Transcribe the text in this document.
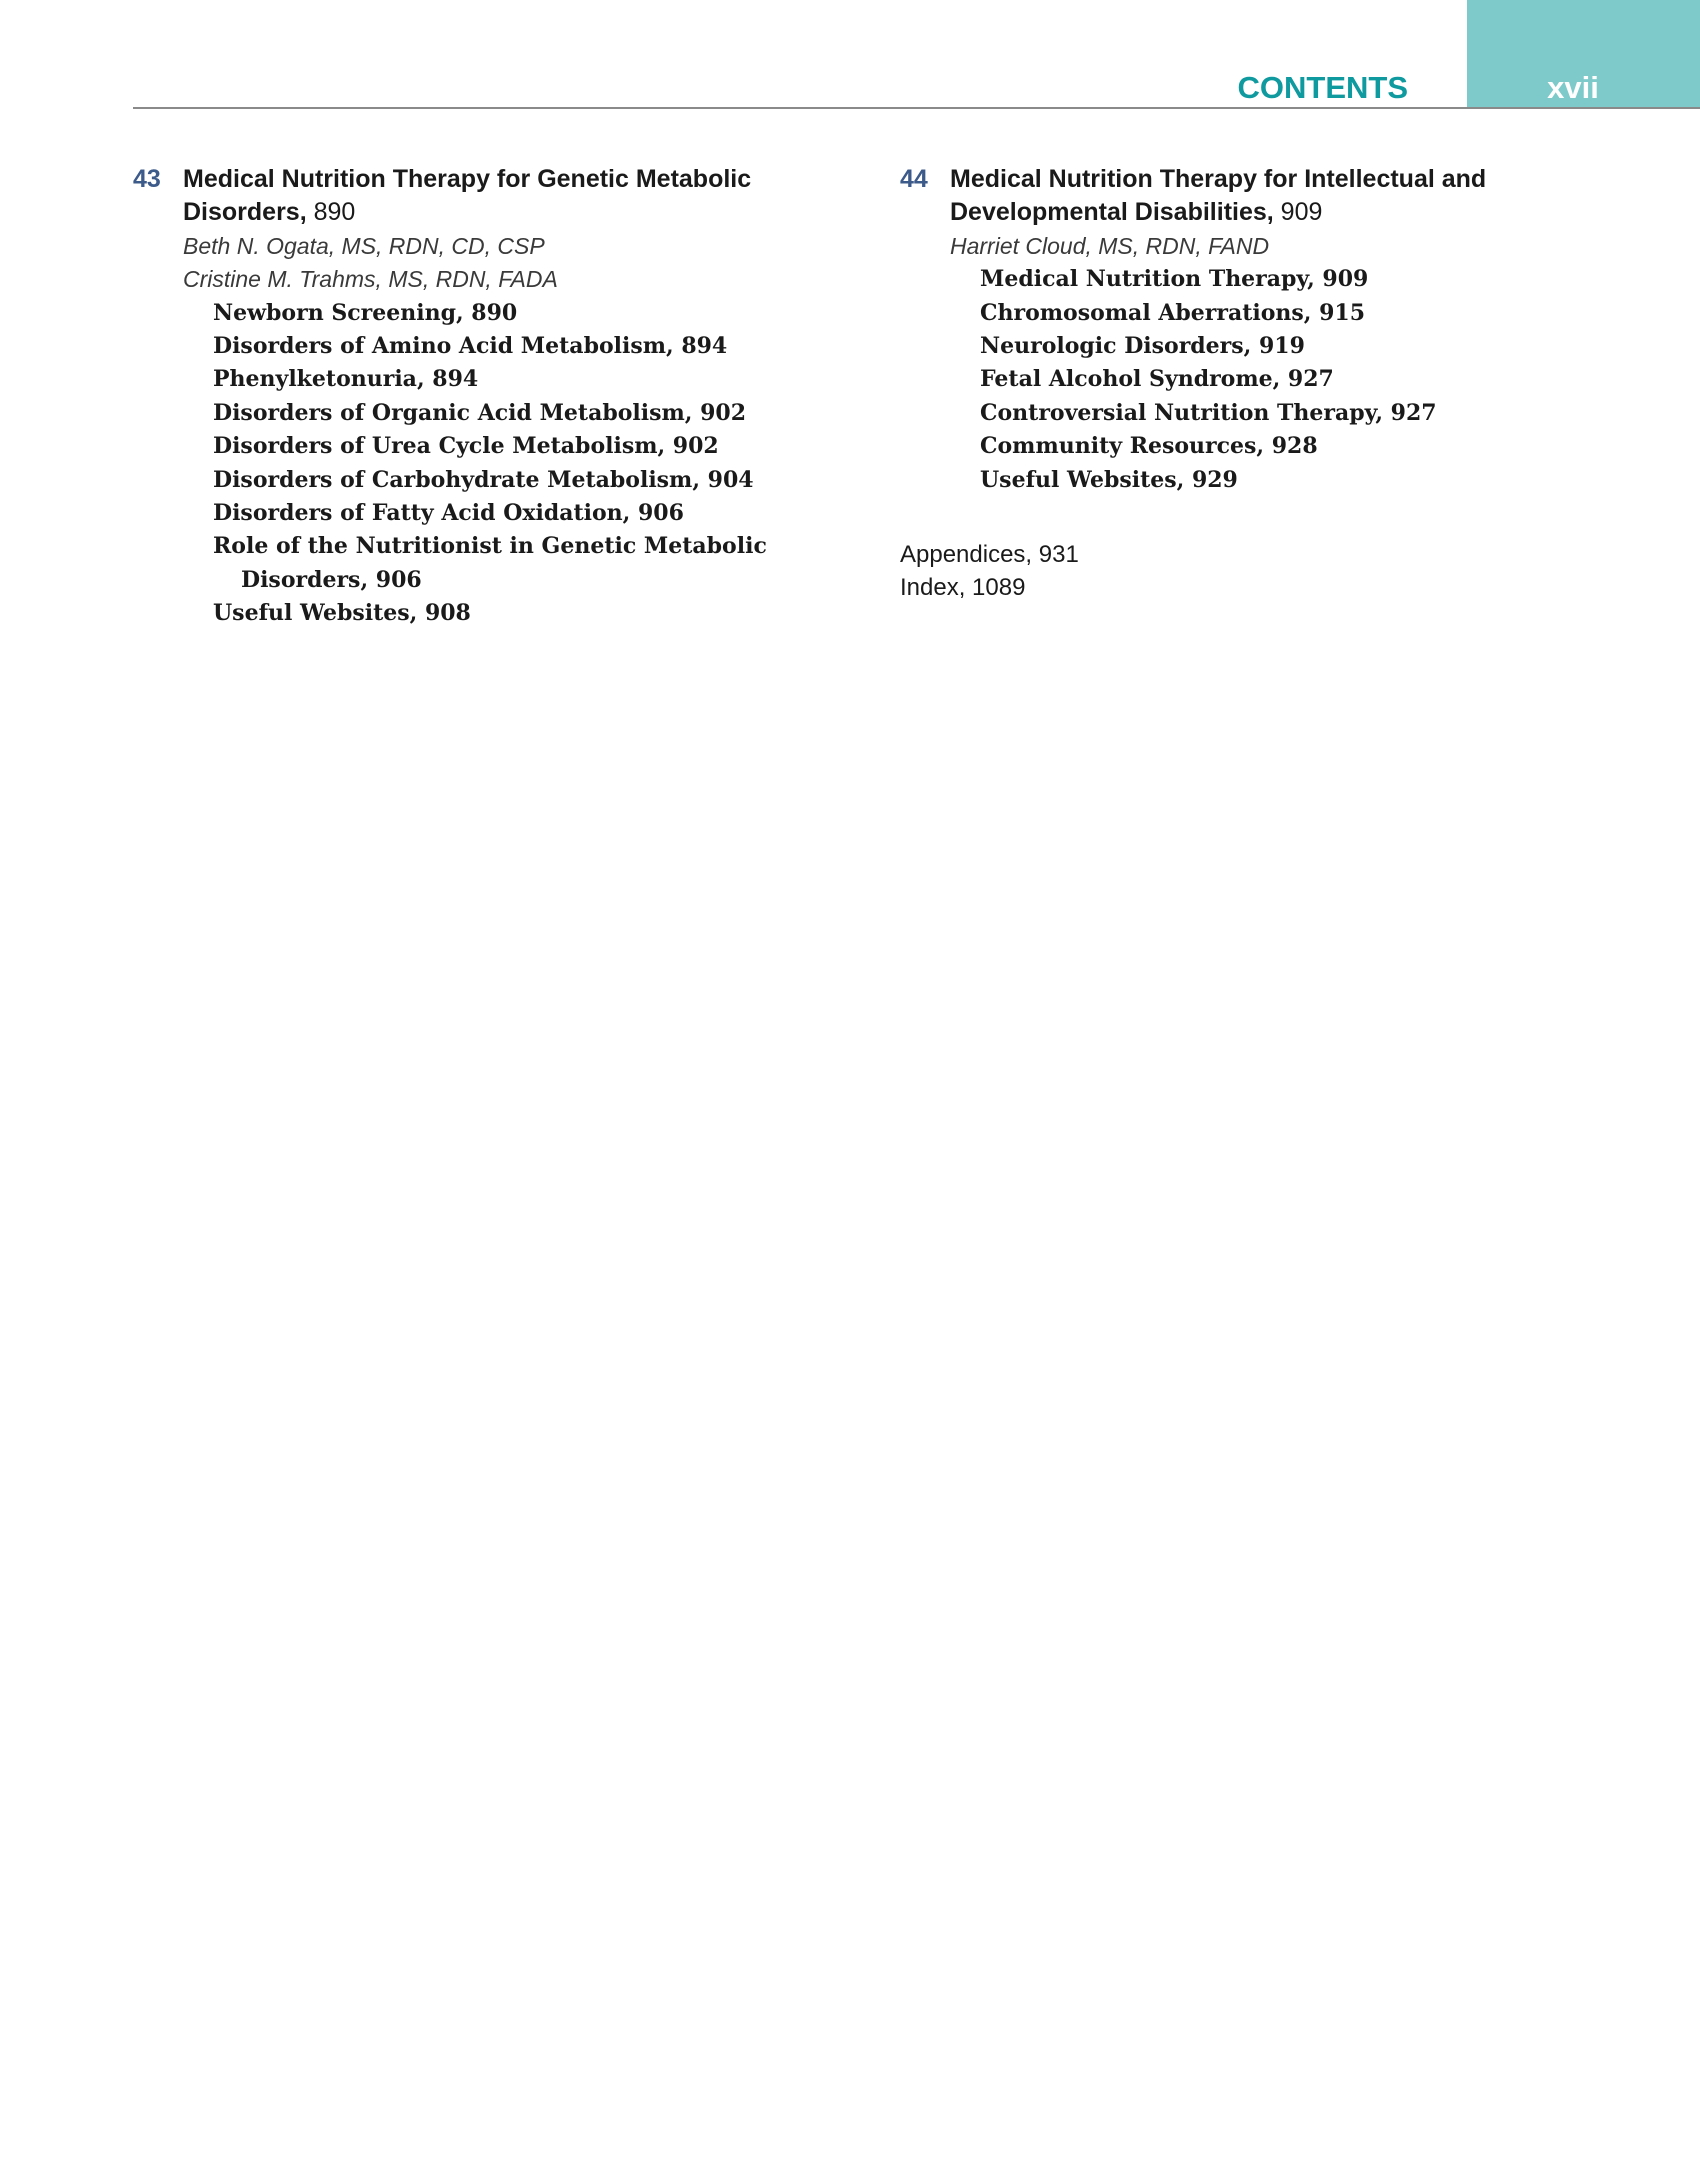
xvii
CONTENTS
43 Medical Nutrition Therapy for Genetic Metabolic Disorders, 890
Beth N. Ogata, MS, RDN, CD, CSP
Cristine M. Trahms, MS, RDN, FADA
Newborn Screening, 890
Disorders of Amino Acid Metabolism, 894
Phenylketonuria, 894
Disorders of Organic Acid Metabolism, 902
Disorders of Urea Cycle Metabolism, 902
Disorders of Carbohydrate Metabolism, 904
Disorders of Fatty Acid Oxidation, 906
Role of the Nutritionist in Genetic Metabolic
Disorders, 906
Useful Websites, 908
44 Medical Nutrition Therapy for Intellectual and Developmental Disabilities, 909
Harriet Cloud, MS, RDN, FAND
Medical Nutrition Therapy, 909
Chromosomal Aberrations, 915
Neurologic Disorders, 919
Fetal Alcohol Syndrome, 927
Controversial Nutrition Therapy, 927
Community Resources, 928
Useful Websites, 929
Appendices, 931
Index, 1089
